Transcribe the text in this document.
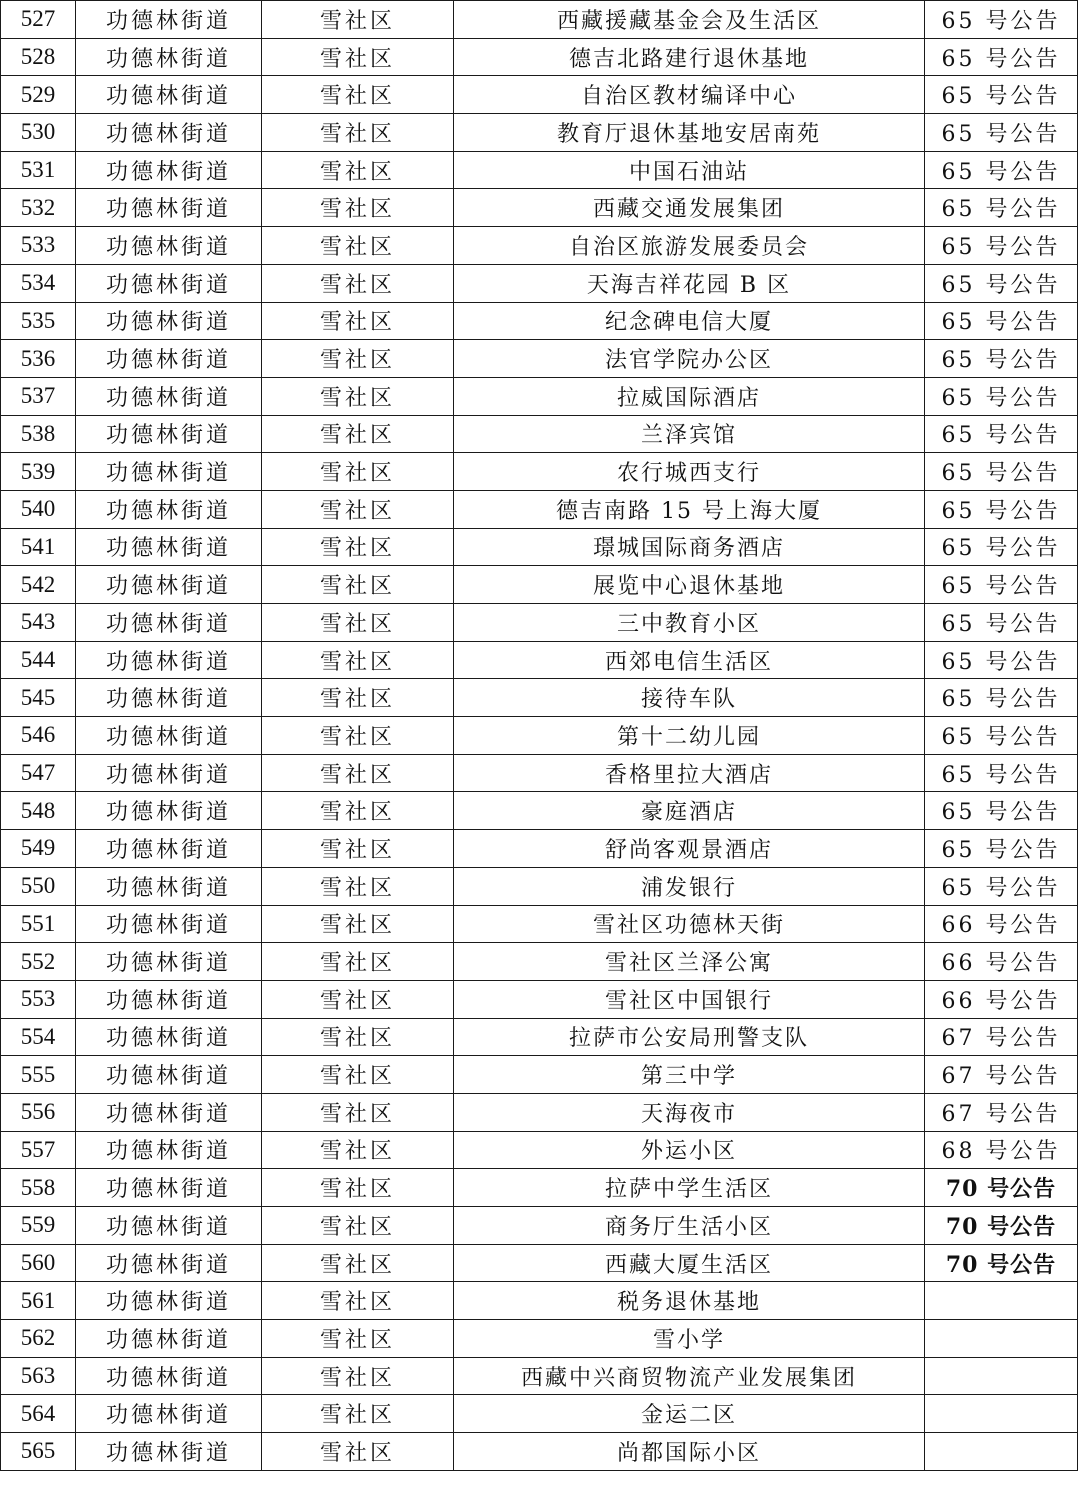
527	功德林街道	雪社区	西藏援藏基金会及生活区	65 号公告
528	功德林街道	雪社区	德吉北路建行退休基地	65 号公告
529	功德林街道	雪社区	自治区教材编译中心	65 号公告
530	功德林街道	雪社区	教育厅退休基地安居南苑	65 号公告
531	功德林街道	雪社区	中国石油站	65 号公告
532	功德林街道	雪社区	西藏交通发展集团	65 号公告
533	功德林街道	雪社区	自治区旅游发展委员会	65 号公告
534	功德林街道	雪社区	天海吉祥花园 B 区	65 号公告
535	功德林街道	雪社区	纪念碑电信大厦	65 号公告
536	功德林街道	雪社区	法官学院办公区	65 号公告
537	功德林街道	雪社区	拉威国际酒店	65 号公告
538	功德林街道	雪社区	兰泽宾馆	65 号公告
539	功德林街道	雪社区	农行城西支行	65 号公告
540	功德林街道	雪社区	德吉南路 15 号上海大厦	65 号公告
541	功德林街道	雪社区	璟城国际商务酒店	65 号公告
542	功德林街道	雪社区	展览中心退休基地	65 号公告
543	功德林街道	雪社区	三中教育小区	65 号公告
544	功德林街道	雪社区	西郊电信生活区	65 号公告
545	功德林街道	雪社区	接待车队	65 号公告
546	功德林街道	雪社区	第十二幼儿园	65 号公告
547	功德林街道	雪社区	香格里拉大酒店	65 号公告
548	功德林街道	雪社区	豪庭酒店	65 号公告
549	功德林街道	雪社区	舒尚客观景酒店	65 号公告
550	功德林街道	雪社区	浦发银行	65 号公告
551	功德林街道	雪社区	雪社区功德林天街	66 号公告
552	功德林街道	雪社区	雪社区兰泽公寓	66 号公告
553	功德林街道	雪社区	雪社区中国银行	66 号公告
554	功德林街道	雪社区	拉萨市公安局刑警支队	67 号公告
555	功德林街道	雪社区	第三中学	67 号公告
556	功德林街道	雪社区	天海夜市	67 号公告
557	功德林街道	雪社区	外运小区	68 号公告
558	功德林街道	雪社区	拉萨中学生活区	70 号公告
559	功德林街道	雪社区	商务厅生活小区	70 号公告
560	功德林街道	雪社区	西藏大厦生活区	70 号公告
561	功德林街道	雪社区	税务退休基地	
562	功德林街道	雪社区	雪小学	
563	功德林街道	雪社区	西藏中兴商贸物流产业发展集团	
564	功德林街道	雪社区	金运二区	
565	功德林街道	雪社区	尚都国际小区	
